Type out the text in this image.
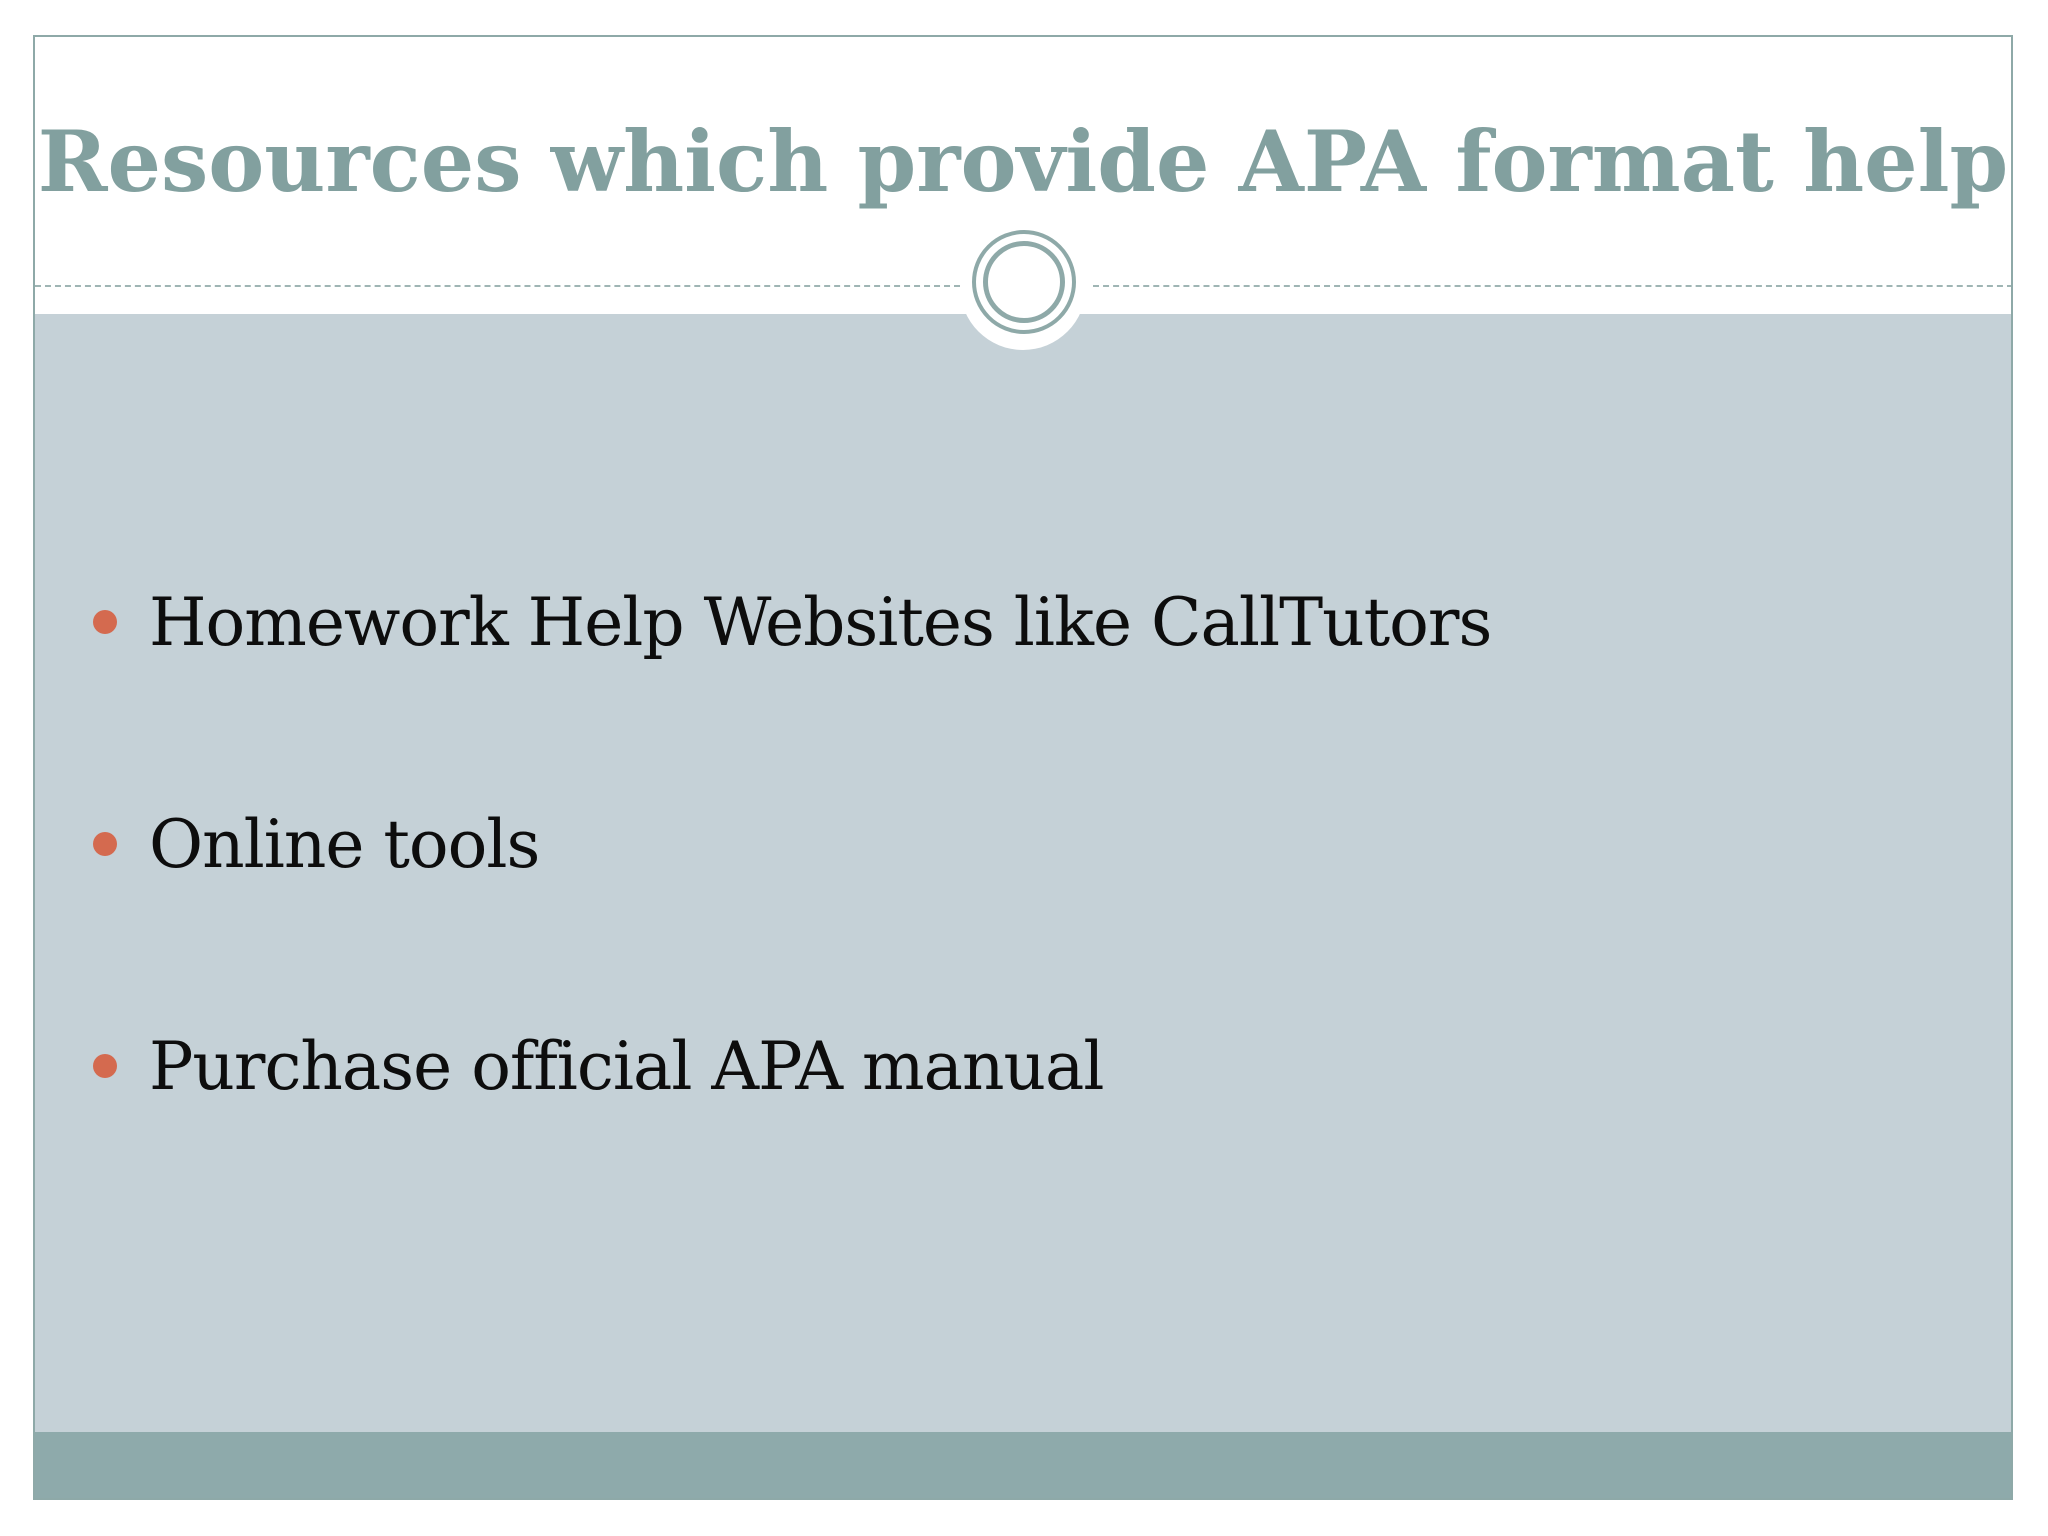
Resources which provide APA format help
Homework Help Websites like CallTutors
Online tools
Purchase official APA manual
